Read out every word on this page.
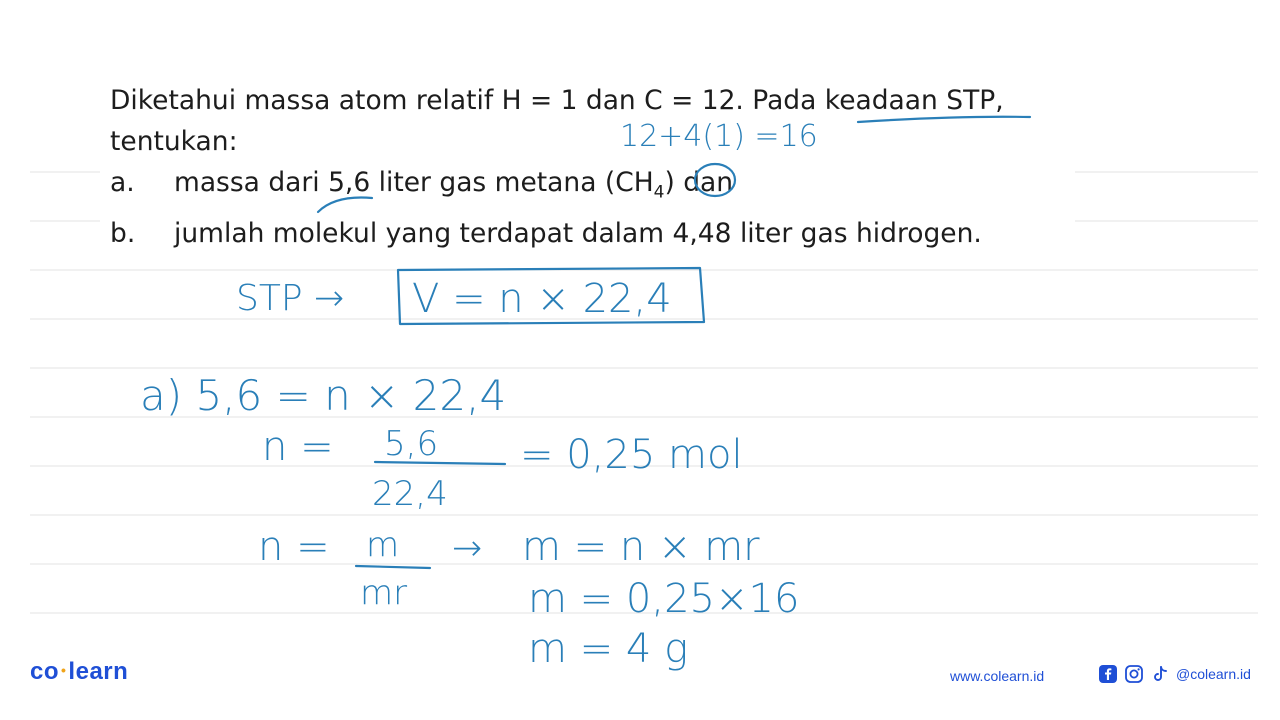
Diketahui massa atom relatif H = 1 dan C = 12. Pada keadaan STP,
tentukan:
a.	massa dari 5,6 liter gas metana $(CH_4)$ dan
b.	jumlah molekul yang terdapat dalam 4,48 liter gas hidrogen.
12+4(1) =16
STP → V = n × 22,4
a) 5,6 = n × 22,4
n = 5,6
22,4
= 0,25 mol
n = m
mr
→ m = n × mr
m = 0,25×16
m = 4 g
co •learn	www.colearn.id	@colearn.id
